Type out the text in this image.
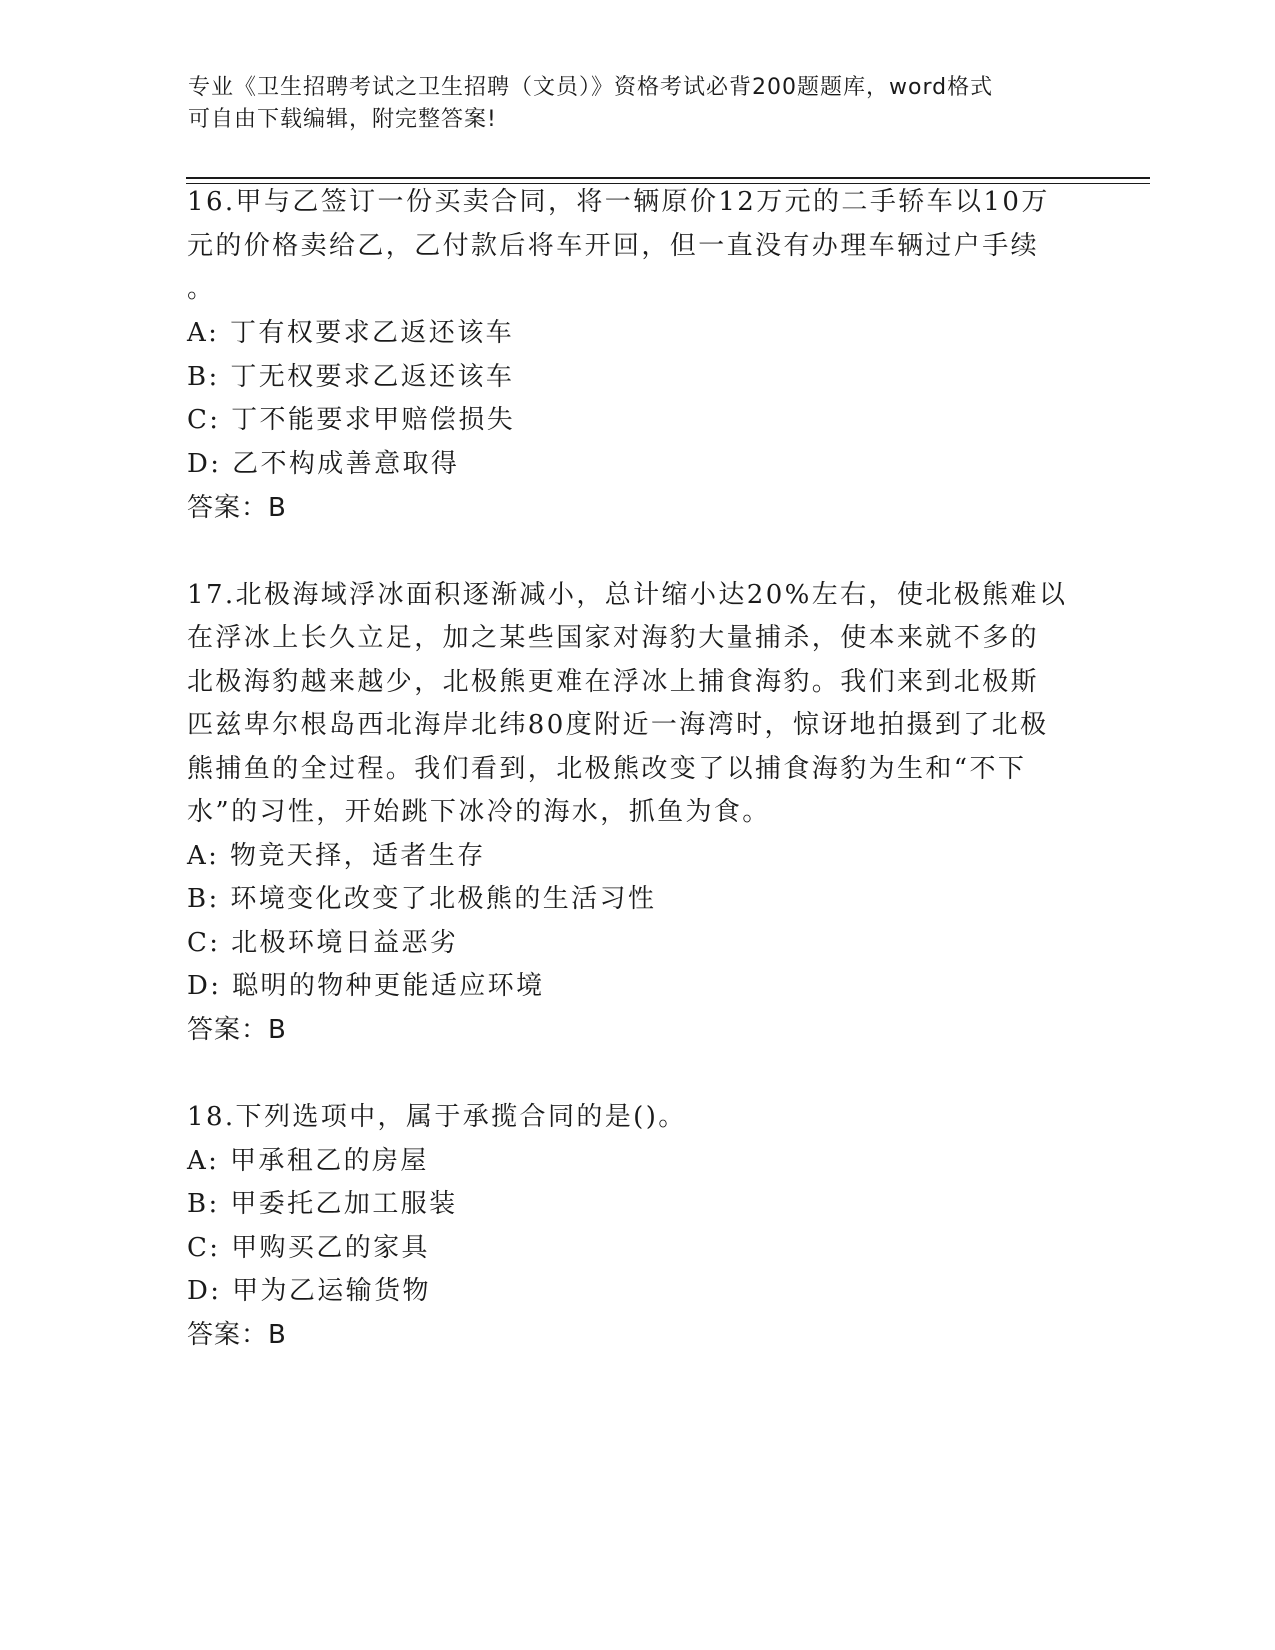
专业《卫生招聘考试之卫生招聘（文员）》资格考试必背200题题库，word格式
可自由下载编辑，附完整答案!
16.甲与乙签订一份买卖合同，将一辆原价12万元的二手轿车以10万
元的价格卖给乙，乙付款后将车开回，但一直没有办理车辆过户手续
。
A: 丁有权要求乙返还该车
B: 丁无权要求乙返还该车
C: 丁不能要求甲赔偿损失
D: 乙不构成善意取得
答案：B
17.北极海域浮冰面积逐渐减小，总计缩小达20%左右，使北极熊难以
在浮冰上长久立足，加之某些国家对海豹大量捕杀，使本来就不多的
北极海豹越来越少，北极熊更难在浮冰上捕食海豹。我们来到北极斯
匹兹卑尔根岛西北海岸北纬80度附近一海湾时，惊讶地拍摄到了北极
熊捕鱼的全过程。我们看到，北极熊改变了以捕食海豹为生和“不下
水”的习性，开始跳下冰冷的海水，抓鱼为食。
A: 物竞天择，适者生存
B: 环境变化改变了北极熊的生活习性
C: 北极环境日益恶劣
D: 聪明的物种更能适应环境
答案：B
18.下列选项中，属于承揽合同的是()。
A: 甲承租乙的房屋
B: 甲委托乙加工服装
C: 甲购买乙的家具
D: 甲为乙运输货物
答案：B
